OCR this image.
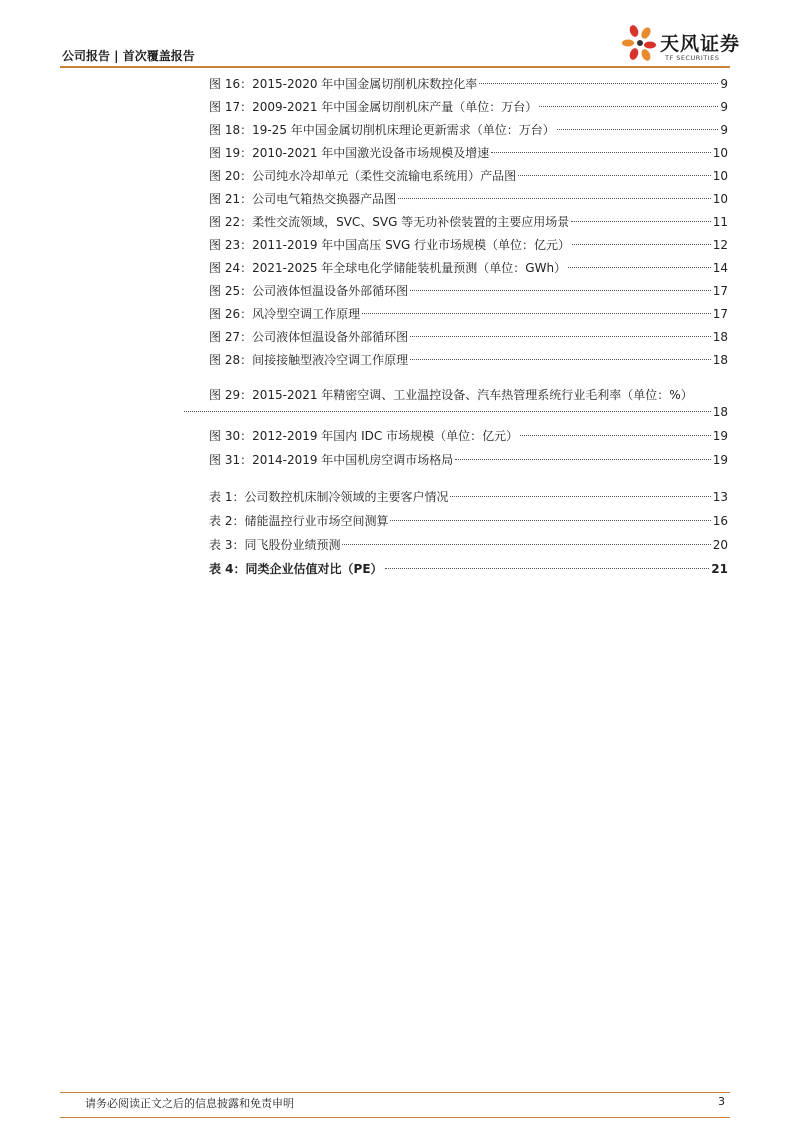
公司报告 | 首次覆盖报告
天风证券
TF SECURITIES
图 16：2015-2020 年中国金属切削机床数控化率	9
图 17：2009-2021 年中国金属切削机床产量（单位：万台）	9
图 18：19-25 年中国金属切削机床理论更新需求（单位：万台）	9
图 19：2010-2021 年中国激光设备市场规模及增速	10
图 20：公司纯水冷却单元（柔性交流输电系统用）产品图	10
图 21：公司电气箱热交换器产品图	10
图 22：柔性交流领域，SVC、SVG 等无功补偿装置的主要应用场景	11
图 23：2011-2019 年中国高压 SVG 行业市场规模（单位：亿元）	12
图 24：2021-2025 年全球电化学储能装机量预测（单位：GWh）	14
图 25：公司液体恒温设备外部循环图	17
图 26：风冷型空调工作原理	17
图 27：公司液体恒温设备外部循环图	18
图 28：间接接触型液冷空调工作原理	18
图 29：2015-2021 年精密空调、工业温控设备、汽车热管理系统行业毛利率（单位：%）
18
图 30：2012-2019 年国内 IDC 市场规模（单位：亿元）	19
图 31：2014-2019 年中国机房空调市场格局	19
表 1：公司数控机床制冷领域的主要客户情况	13
表 2：储能温控行业市场空间测算	16
表 3：同飞股份业绩预测	20
表 4：同类企业估值对比（PE）	21
请务必阅读正文之后的信息披露和免责申明	3
